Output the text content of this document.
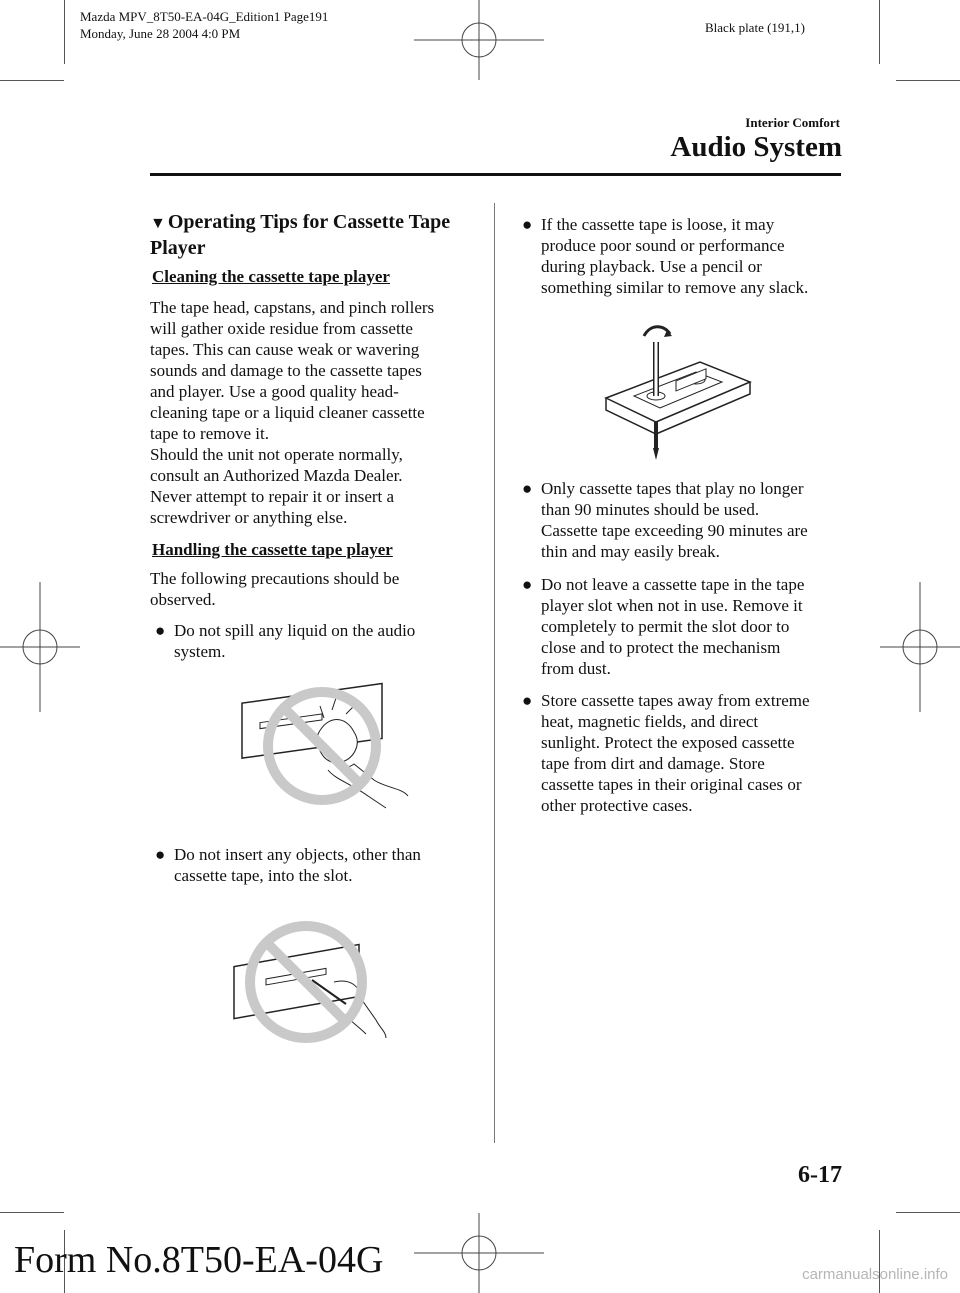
Mazda MPV_8T50-EA-04G_Edition1 Page191
Monday, June 28 2004 4:0 PM	Black plate (191,1)
Interior Comfort
Audio System
▼ Operating Tips for Cassette Tape Player
Cleaning the cassette tape player
The tape head, capstans, and pinch rollers
will gather oxide residue from cassette
tapes. This can cause weak or wavering
sounds and damage to the cassette tapes
and player. Use a good quality head-
cleaning tape or a liquid cleaner cassette
tape to remove it.
Should the unit not operate normally,
consult an Authorized Mazda Dealer.
Never attempt to repair it or insert a
screwdriver or anything else.
Handling the cassette tape player
The following precautions should be
observed.
● Do not spill any liquid on the audio
system.
● Do not insert any objects, other than
cassette tape, into the slot.
● If the cassette tape is loose, it may
produce poor sound or performance
during playback. Use a pencil or
something similar to remove any slack.
● Only cassette tapes that play no longer
than 90 minutes should be used.
Cassette tape exceeding 90 minutes are
thin and may easily break.
● Do not leave a cassette tape in the tape
player slot when not in use. Remove it
completely to permit the slot door to
close and to protect the mechanism
from dust.
● Store cassette tapes away from extreme
heat, magnetic fields, and direct
sunlight. Protect the exposed cassette
tape from dirt and damage. Store
cassette tapes in their original cases or
other protective cases.
6-17
Form No.8T50-EA-04G	carmanualsonline.info
